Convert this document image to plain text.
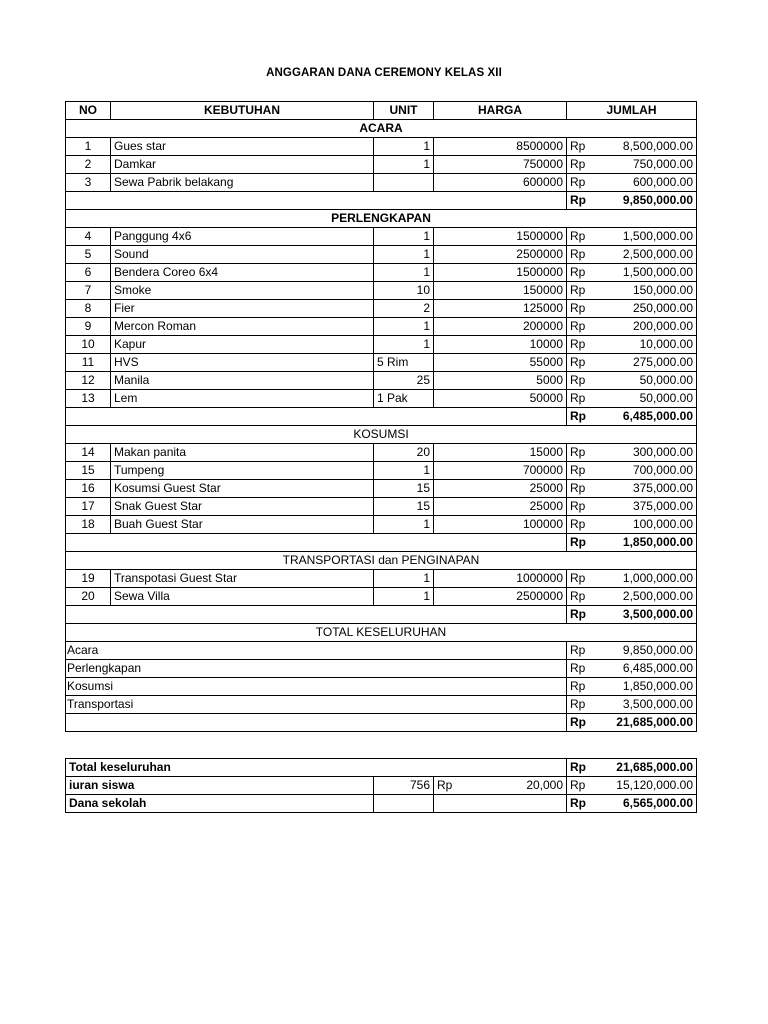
ANGGARAN DANA CEREMONY KELAS XII
NO	KEBUTUHAN	UNIT	HARGA	JUMLAH	
ACARA					
1	Gues star	1	8500000	Rp	8,500,000.00
2	Damkar	1	750000	Rp	750,000.00
3	Sewa Pabrik belakang		600000	Rp	600,000.00
				Rp	9,850,000.00
PERLENGKAPAN					
4	Panggung 4x6	1	1500000	Rp	1,500,000.00
5	Sound	1	2500000	Rp	2,500,000.00
6	Bendera Coreo 6x4	1	1500000	Rp	1,500,000.00
7	Smoke	10	150000	Rp	150,000.00
8	Fier	2	125000	Rp	250,000.00
9	Mercon Roman	1	200000	Rp	200,000.00
10	Kapur	1	10000	Rp	10,000.00
11	HVS	5 Rim	55000	Rp	275,000.00
12	Manila	25	5000	Rp	50,000.00
13	Lem	1 Pak	50000	Rp	50,000.00
				Rp	6,485,000.00
KOSUMSI					
14	Makan panita	20	15000	Rp	300,000.00
15	Tumpeng	1	700000	Rp	700,000.00
16	Kosumsi Guest Star	15	25000	Rp	375,000.00
17	Snak Guest Star	15	25000	Rp	375,000.00
18	Buah Guest Star	1	100000	Rp	100,000.00
				Rp	1,850,000.00
TRANSPORTASI dan PENGINAPAN					
19	Transpotasi Guest Star	1	1000000	Rp	1,000,000.00
20	Sewa Villa	1	2500000	Rp	2,500,000.00
				Rp	3,500,000.00
TOTAL KESELURUHAN					
Acara				Rp	9,850,000.00
Perlengkapan				Rp	6,485,000.00
Kosumsi				Rp	1,850,000.00
Transportasi				Rp	3,500,000.00
				Rp	21,685,000.00
Total keseluruhan			Rp	21,685,000.00
iuran siswa	756	Rp 20,000	Rp	15,120,000.00
Dana sekolah			Rp	6,565,000.00
